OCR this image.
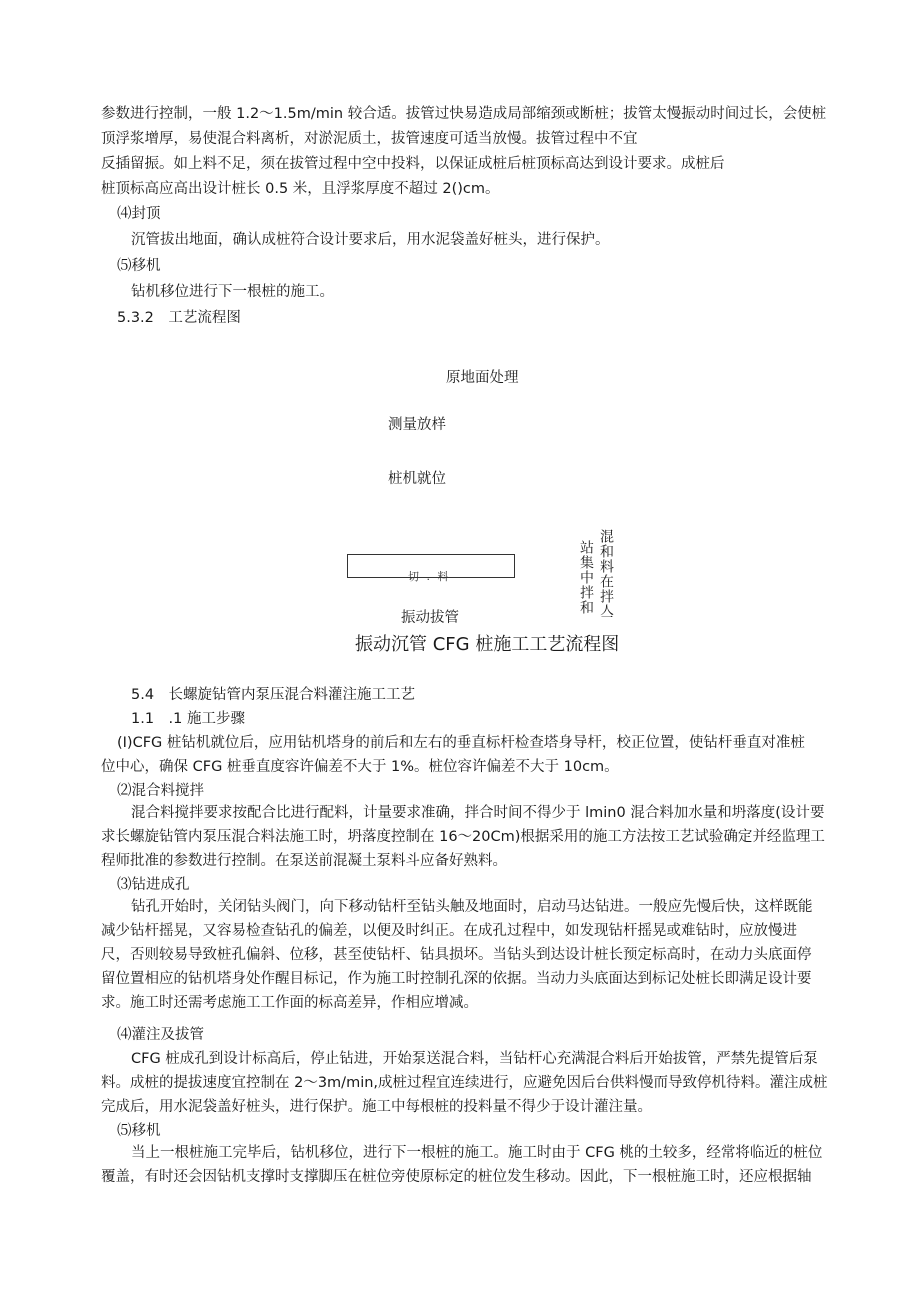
参数进行控制，一般 1.2～1.5m/min 较合适。拔管过快易造成局部缩颈或断桩；拔管太慢振动时间过长，会使桩
顶浮浆增厚，易使混合料离析，对淤泥质土，拔管速度可适当放慢。拔管过程中不宜
反插留振。如上料不足，须在拔管过程中空中投料，以保证成桩后桩顶标高达到设计要求。成桩后
桩顶标高应高出设计桩长 0.5 米，且浮浆厚度不超过 2()cm。
⑷封顶
沉管拔出地面，确认成桩符合设计要求后，用水泥袋盖好桩头，进行保护。
⑸移机
钻机移位进行下一根桩的施工。
5.3.2　工艺流程图
原地面处理
测量放样
桩机就位
切 . 料	混和料在拌亼
站集中拌和
振动拔管
振动沉管 CFG 桩施工工艺流程图
5.4　长螺旋钻管内泵压混合料灌注施工工艺
1.1　.1 施工步骤
(I)CFG 桩钻机就位后，应用钻机塔身的前后和左右的垂直标杆检查塔身导杆，校正位置，使钻杆垂直对准桩
位中心，确保 CFG 桩垂直度容许偏差不大于 1%。桩位容许偏差不大于 10cm。
⑵混合料搅拌
混合料搅拌要求按配合比进行配料，计量要求准确，拌合时间不得少于 lmin0 混合料加水量和坍落度(设计要
求长螺旋钻管内泵压混合料法施工时，坍落度控制在 16～20Cm)根据采用的施工方法按工艺试验确定并经监理工
程师批准的参数进行控制。在泵送前混凝土泵料斗应备好熟料。
⑶钻进成孔
钻孔开始时，关闭钻头阀门，向下移动钻杆至钻头触及地面时，启动马达钻进。一般应先慢后快，这样既能
减少钻杆摇晃，又容易检查钻孔的偏差，以便及时纠正。在成孔过程中，如发现钻杆摇晃或难钻时，应放慢进
尺，否则较易导致桩孔偏斜、位移，甚至使钻杆、钻具损坏。当钻头到达设计桩长预定标高时，在动力头底面停
留位置相应的钻机塔身处作醒目标记，作为施工时控制孔深的依据。当动力头底面达到标记处桩长即满足设计要
求。施工时还需考虑施工工作面的标高差异，作相应增减。
⑷灌注及拔管
CFG 桩成孔到设计标高后，停止钻进，开始泵送混合料，当钻杆心充满混合料后开始拔管，严禁先提管后泵
料。成桩的提拔速度宜控制在 2～3m∕min,成桩过程宜连续进行，应避免因后台供料慢而导致停机待料。灌注成桩
完成后，用水泥袋盖好桩头，进行保护。施工中每根桩的投料量不得少于设计灌注量。
⑸移机
当上一根桩施工完毕后，钻机移位，进行下一根桩的施工。施工时由于 CFG 桃的土较多，经常将临近的桩位
覆盖，有时还会因钻机支撑时支撑脚压在桩位旁使原标定的桩位发生移动。因此，下一根桩施工时，还应根据轴
